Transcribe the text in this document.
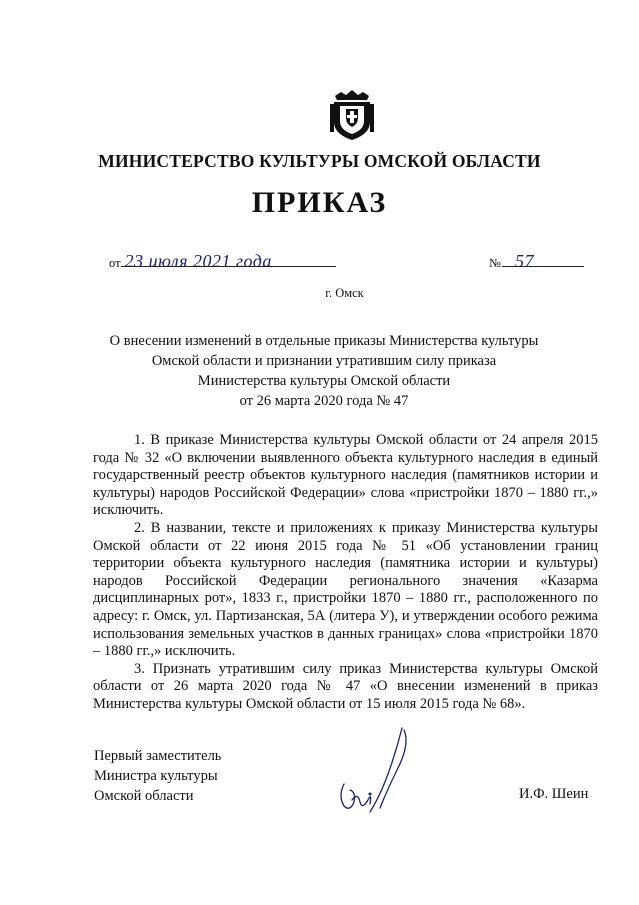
МИНИСТЕРСТВО КУЛЬТУРЫ ОМСКОЙ ОБЛАСТИ
ПРИКАЗ
от 23 июля 2021 года	№ 57
г. Омск
О внесении изменений в отдельные приказы Министерства культуры
Омской области и признании утратившим силу приказа
Министерства культуры Омской области
от 26 марта 2020 года № 47

1. В приказе Министерства культуры Омской области от 24 апреля 2015 года № 32 «О включении выявленного объекта культурного наследия в единый государственный реестр объектов культурного наследия (памятников истории и культуры) народов Российской Федерации» слова «пристройки 1870 – 1880 гг.,» исключить.

2. В названии, тексте и приложениях к приказу Министерства культуры Омской области от 22 июня 2015 года № 51 «Об установлении границ территории объекта культурного наследия (памятника истории и культуры) народов Российской Федерации регионального значения «Казарма дисциплинарных рот», 1833 г., пристройки 1870 – 1880 гг., расположенного по адресу: г. Омск, ул. Партизанская, 5А (литера У), и утверждении особого режима использования земельных участков в данных границах» слова «пристройки 1870 – 1880 гг.,» исключить.

3. Признать утратившим силу приказ Министерства культуры Омской области от 26 марта 2020 года № 47 «О внесении изменений в приказ Министерства культуры Омской области от 15 июля 2015 года № 68».

Первый заместитель
Министра культуры
Омской области	И.Ф. Шеин
